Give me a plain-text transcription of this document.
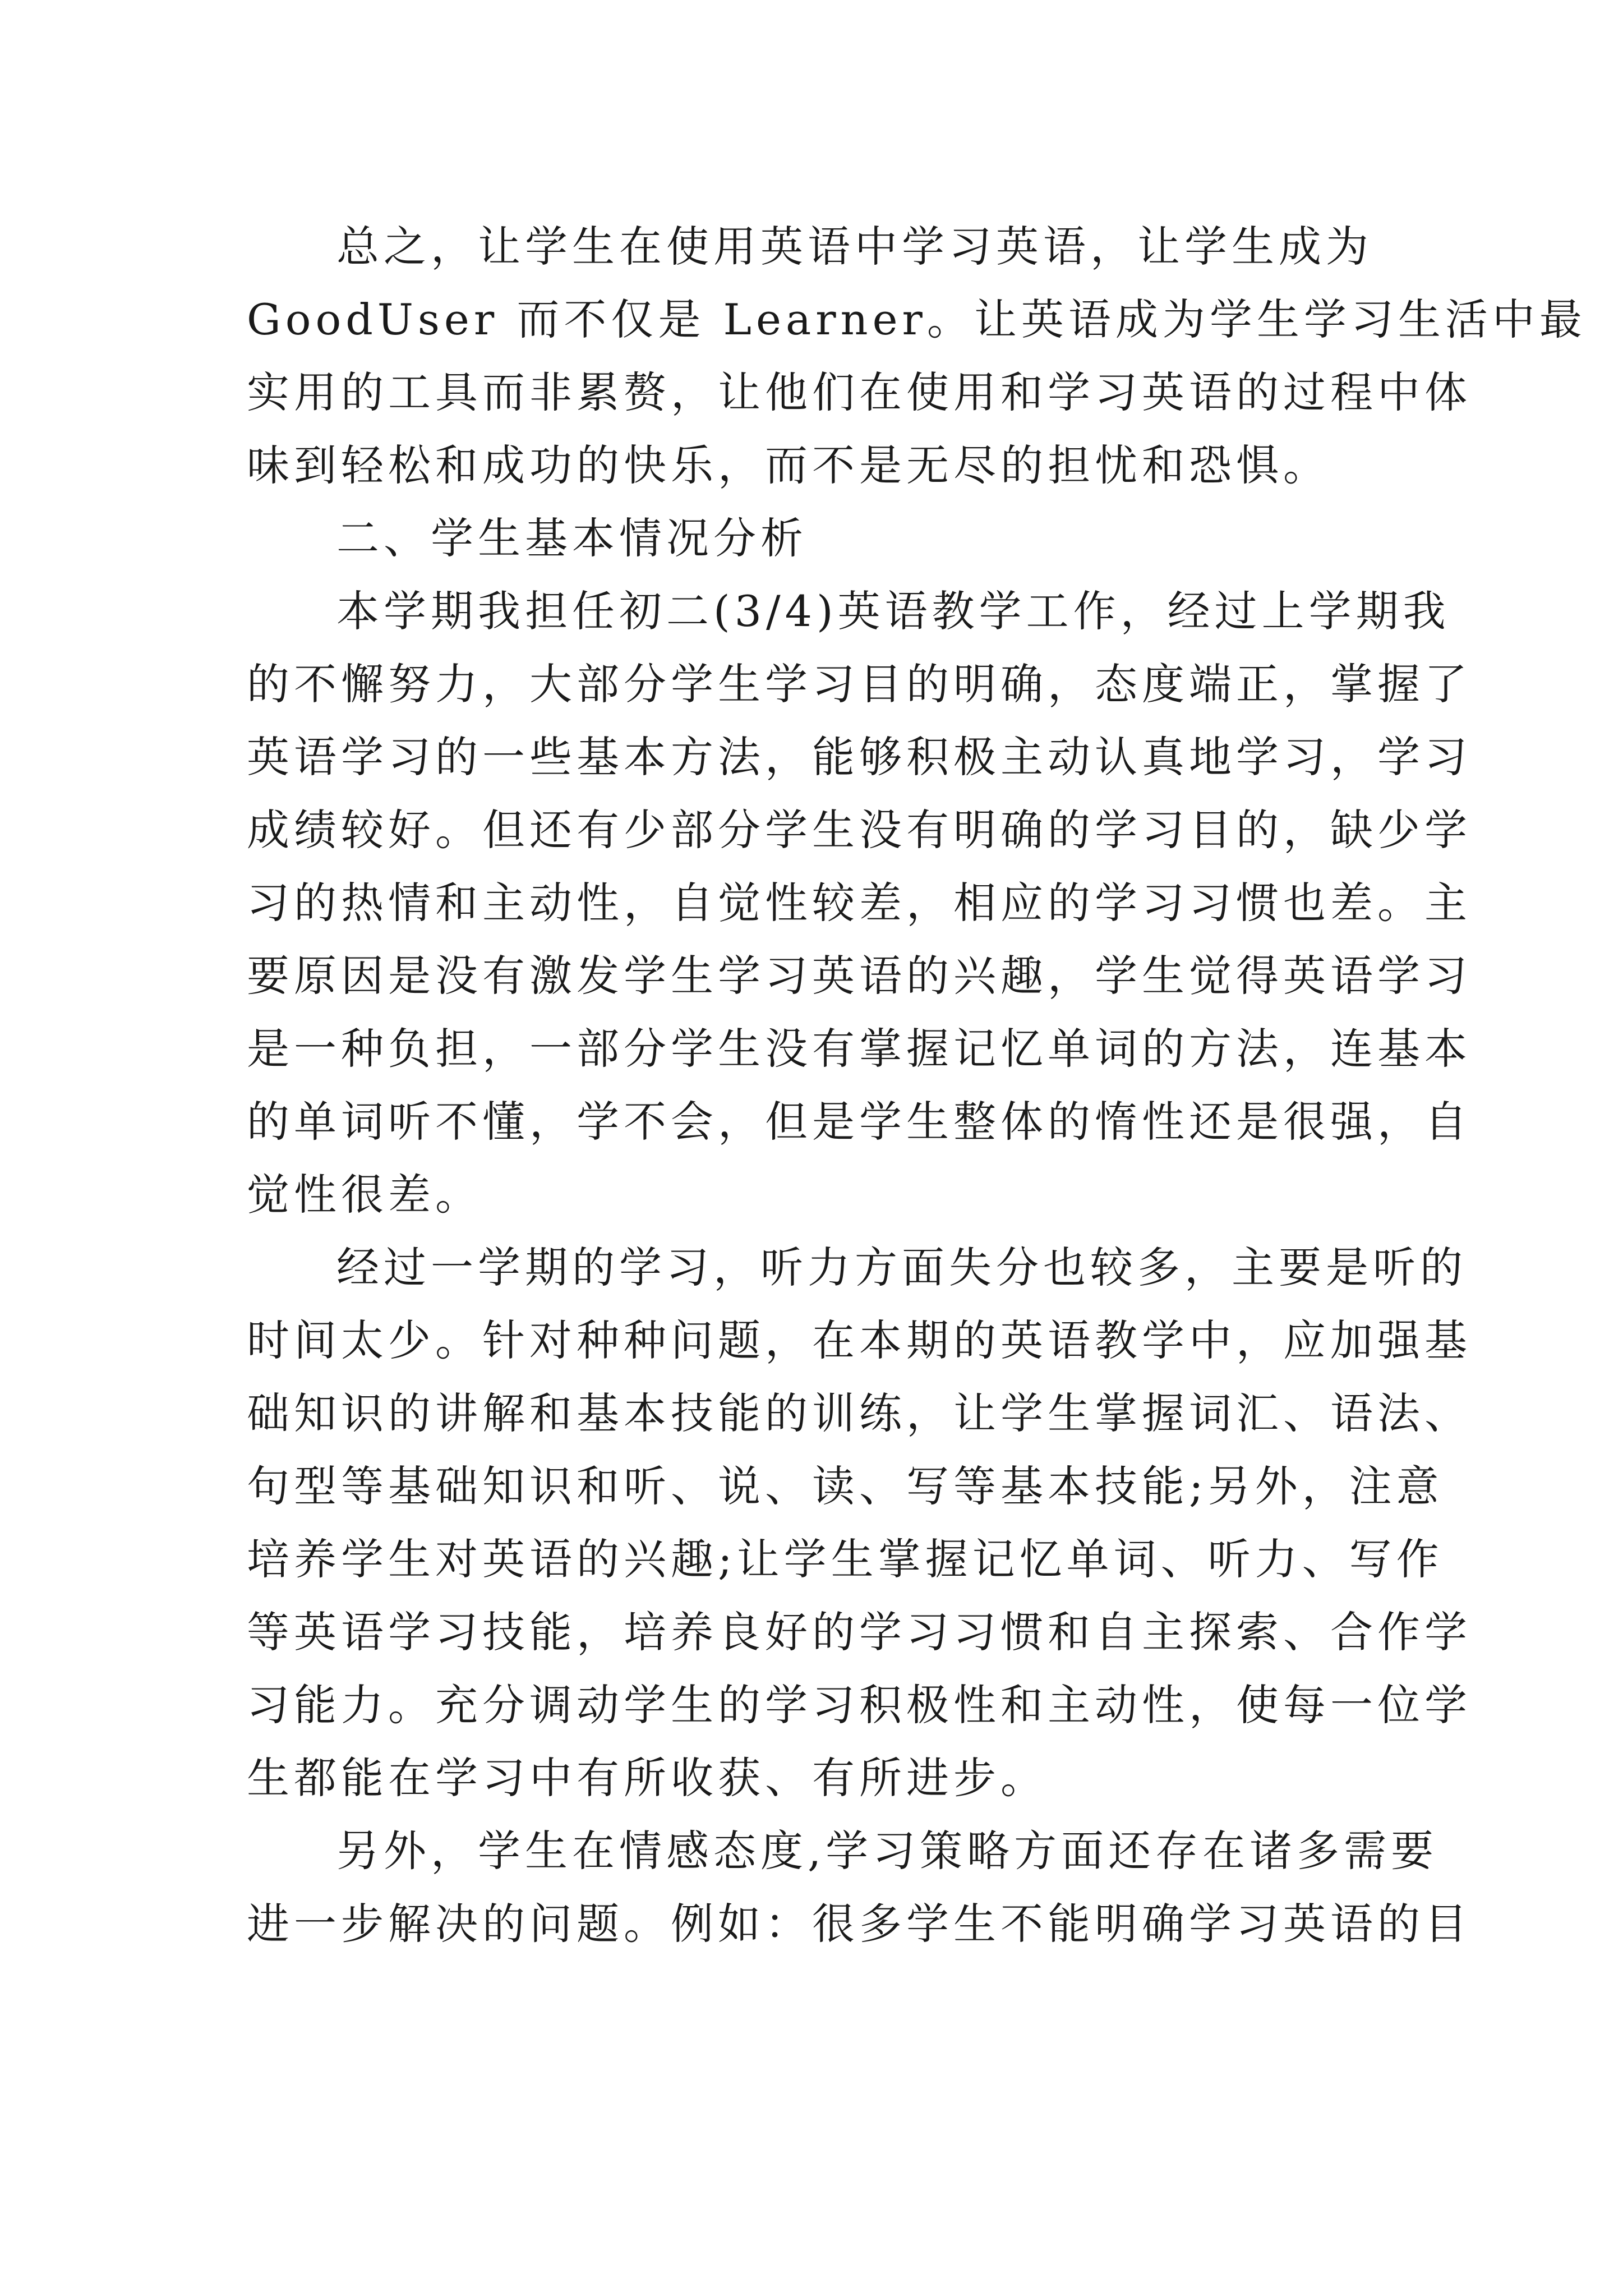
总之，让学生在使用英语中学习英语，让学生成为
GoodUser 而不仅是 Learner。让英语成为学生学习生活中最
实用的工具而非累赘，让他们在使用和学习英语的过程中体
味到轻松和成功的快乐，而不是无尽的担忧和恐惧。
二、学生基本情况分析
本学期我担任初二(3/4)英语教学工作，经过上学期我
的不懈努力，大部分学生学习目的明确，态度端正，掌握了
英语学习的一些基本方法，能够积极主动认真地学习，学习
成绩较好。但还有少部分学生没有明确的学习目的，缺少学
习的热情和主动性，自觉性较差，相应的学习习惯也差。主
要原因是没有激发学生学习英语的兴趣，学生觉得英语学习
是一种负担，一部分学生没有掌握记忆单词的方法，连基本
的单词听不懂，学不会，但是学生整体的惰性还是很强，自
觉性很差。
经过一学期的学习，听力方面失分也较多，主要是听的
时间太少。针对种种问题，在本期的英语教学中，应加强基
础知识的讲解和基本技能的训练，让学生掌握词汇、语法、
句型等基础知识和听、说、读、写等基本技能;另外，注意
培养学生对英语的兴趣;让学生掌握记忆单词、听力、写作
等英语学习技能，培养良好的学习习惯和自主探索、合作学
习能力。充分调动学生的学习积极性和主动性，使每一位学
生都能在学习中有所收获、有所进步。
另外，学生在情感态度,学习策略方面还存在诸多需要
进一步解决的问题。例如：很多学生不能明确学习英语的目
